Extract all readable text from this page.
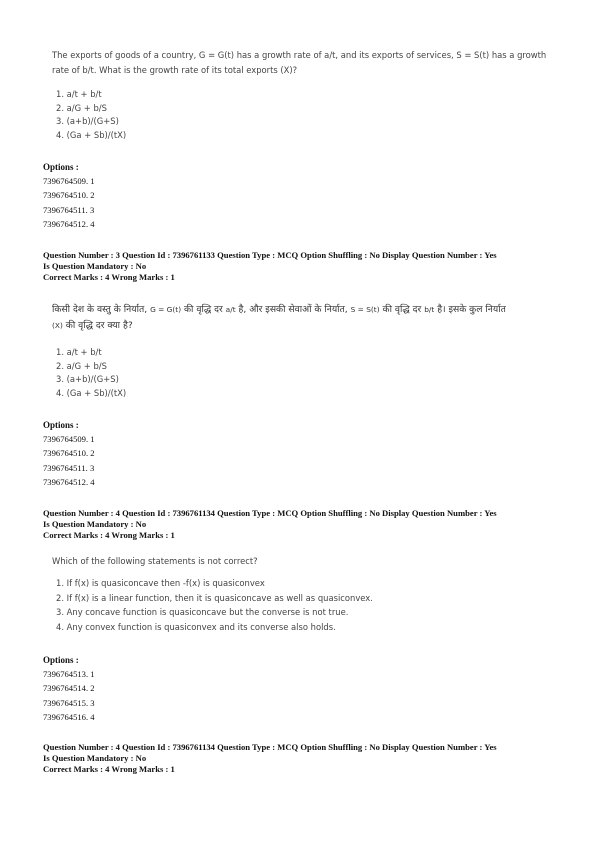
The exports of goods of a country, G = G(t) has a growth rate of a/t, and its exports of services, S = S(t) has a growth
rate of b/t. What is the growth rate of its total exports (X)?
1. a/t + b/t
2. a/G + b/S
3. (a+b)/(G+S)
4. (Ga + Sb)/(tX)
Options :
7396764509. 1
7396764510. 2
7396764511. 3
7396764512. 4
Question Number : 3 Question Id : 7396761133 Question Type : MCQ Option Shuffling : No Display Question Number : Yes
Is Question Mandatory : No
Correct Marks : 4 Wrong Marks : 1
किसी देश के वस्तु के निर्यात, G = G(t) की वृद्धि दर a/t है, और इसकी सेवाओं के निर्यात, S = S(t) की वृद्धि दर b/t है। इसके कुल निर्यात
(X) की वृद्धि दर क्या है?
1. a/t + b/t
2. a/G + b/S
3. (a+b)/(G+S)
4. (Ga + Sb)/(tX)
Options :
7396764509. 1
7396764510. 2
7396764511. 3
7396764512. 4
Question Number : 4 Question Id : 7396761134 Question Type : MCQ Option Shuffling : No Display Question Number : Yes
Is Question Mandatory : No
Correct Marks : 4 Wrong Marks : 1
Which of the following statements is not correct?
1. If f(x) is quasiconcave then -f(x) is quasiconvex
2. If f(x) is a linear function, then it is quasiconcave as well as quasiconvex.
3. Any concave function is quasiconcave but the converse is not true.
4. Any convex function is quasiconvex and its converse also holds.
Options :
7396764513. 1
7396764514. 2
7396764515. 3
7396764516. 4
Question Number : 4 Question Id : 7396761134 Question Type : MCQ Option Shuffling : No Display Question Number : Yes
Is Question Mandatory : No
Correct Marks : 4 Wrong Marks : 1
